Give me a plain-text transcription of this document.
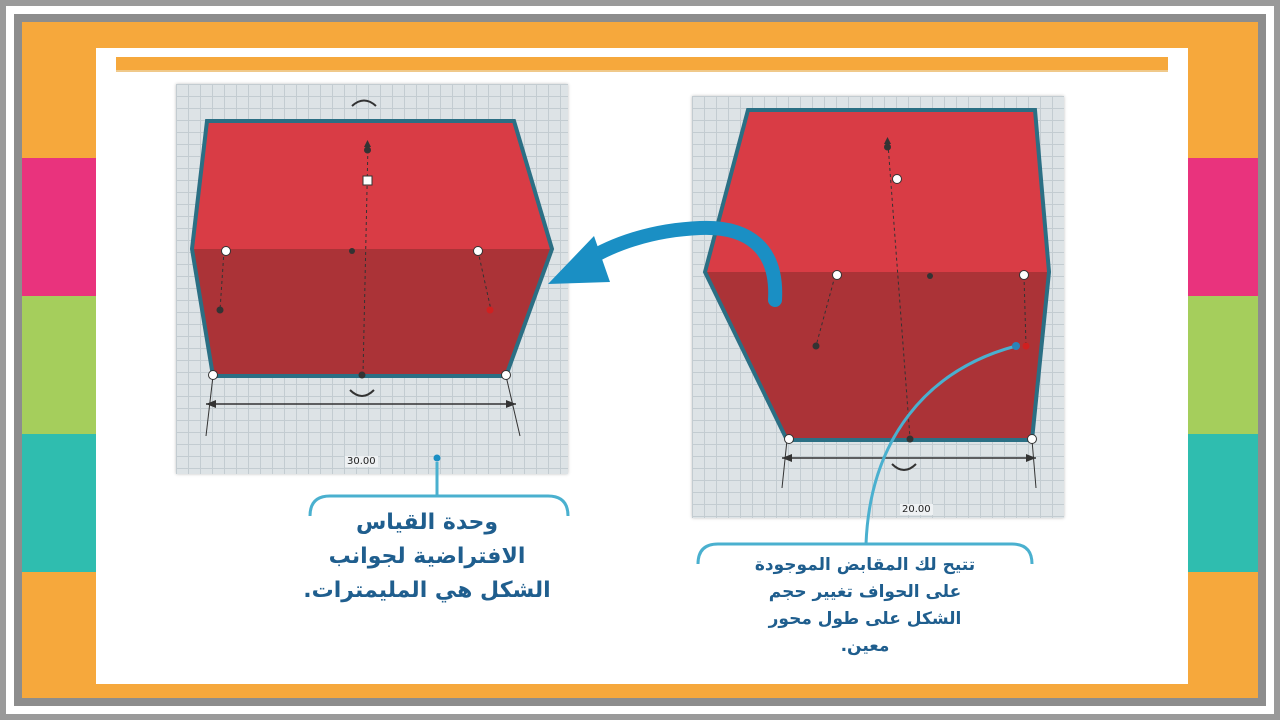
30.00
20.00
وحدة القياس
الافتراضية لجوانب
الشكل هي المليمترات.
تتيح لك المقابض الموجودة
على الحواف تغيير حجم
الشكل على طول محور
معين.
